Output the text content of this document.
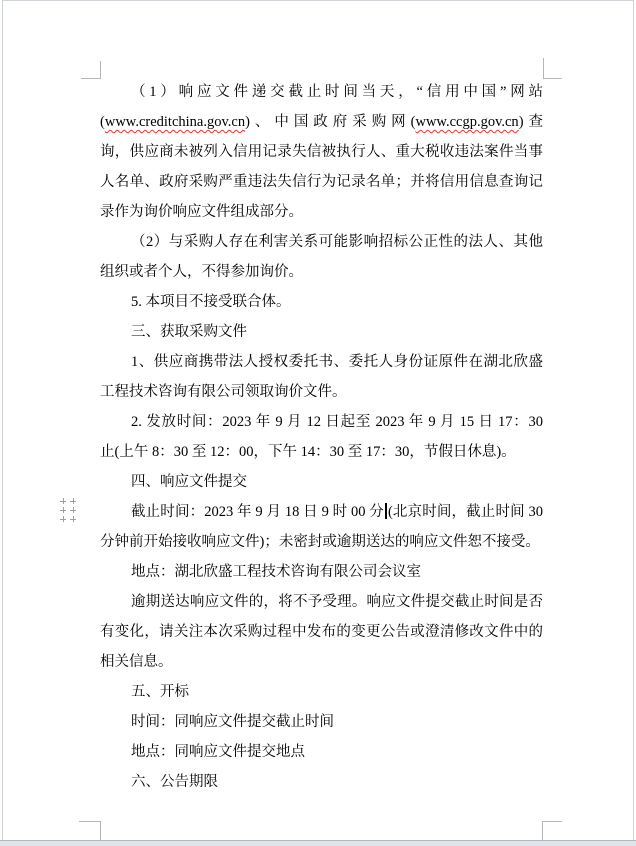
（1）响应文件递交截止时间当天，“信用中国”网站
(www.creditchina.gov.cn)、中国政府采购网(www.ccgp.gov.cn)查
询，供应商未被列入信用记录失信被执行人、重大税收违法案件当事
人名单、政府采购严重违法失信行为记录名单；并将信用信息查询记
录作为询价响应文件组成部分。
（2）与采购人存在利害关系可能影响招标公正性的法人、其他
组织或者个人，不得参加询价。
5. 本项目不接受联合体。
三、获取采购文件
1、供应商携带法人授权委托书、委托人身份证原件在湖北欣盛
工程技术咨询有限公司领取询价文件。
2. 发放时间：2023 年 9 月 12 日起至 2023 年 9 月 15 日 17：30
止(上午 8：30 至 12：00，下午 14：30 至 17：30，节假日休息)。
四、响应文件提交
截止时间：2023 年 9 月 18 日 9 时 00 分 (北京时间，截止时间 30
分钟前开始接收响应文件)；未密封或逾期送达的响应文件恕不接受。
地点：湖北欣盛工程技术咨询有限公司会议室
逾期送达响应文件的，将不予受理。响应文件提交截止时间是否
有变化，请关注本次采购过程中发布的变更公告或澄清修改文件中的
相关信息。
五、开标
时间：同响应文件提交截止时间
地点：同响应文件提交地点
六、公告期限
